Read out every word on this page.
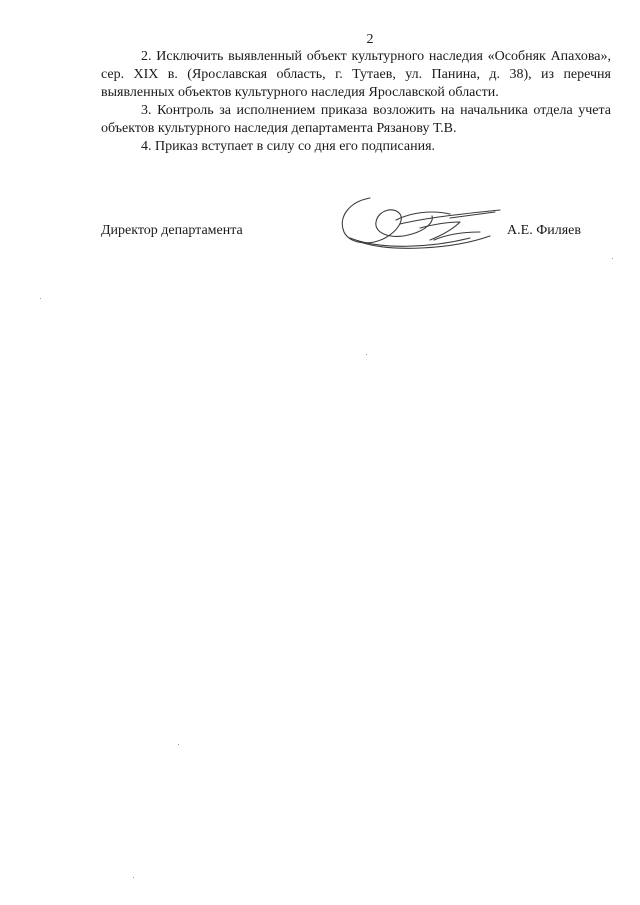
2

2. Исключить выявленный объект культурного наследия «Особняк Апахова», сер. XIX в. (Ярославская область, г. Тутаев, ул. Панина, д. 38), из перечня выявленных объектов культурного наследия Ярославской области.

3. Контроль за исполнением приказа возложить на начальника отдела учета объектов культурного наследия департамента Рязанову Т.В.

4. Приказ вступает в силу со дня его подписания.

Директор департамента	А.Е. Филяев
